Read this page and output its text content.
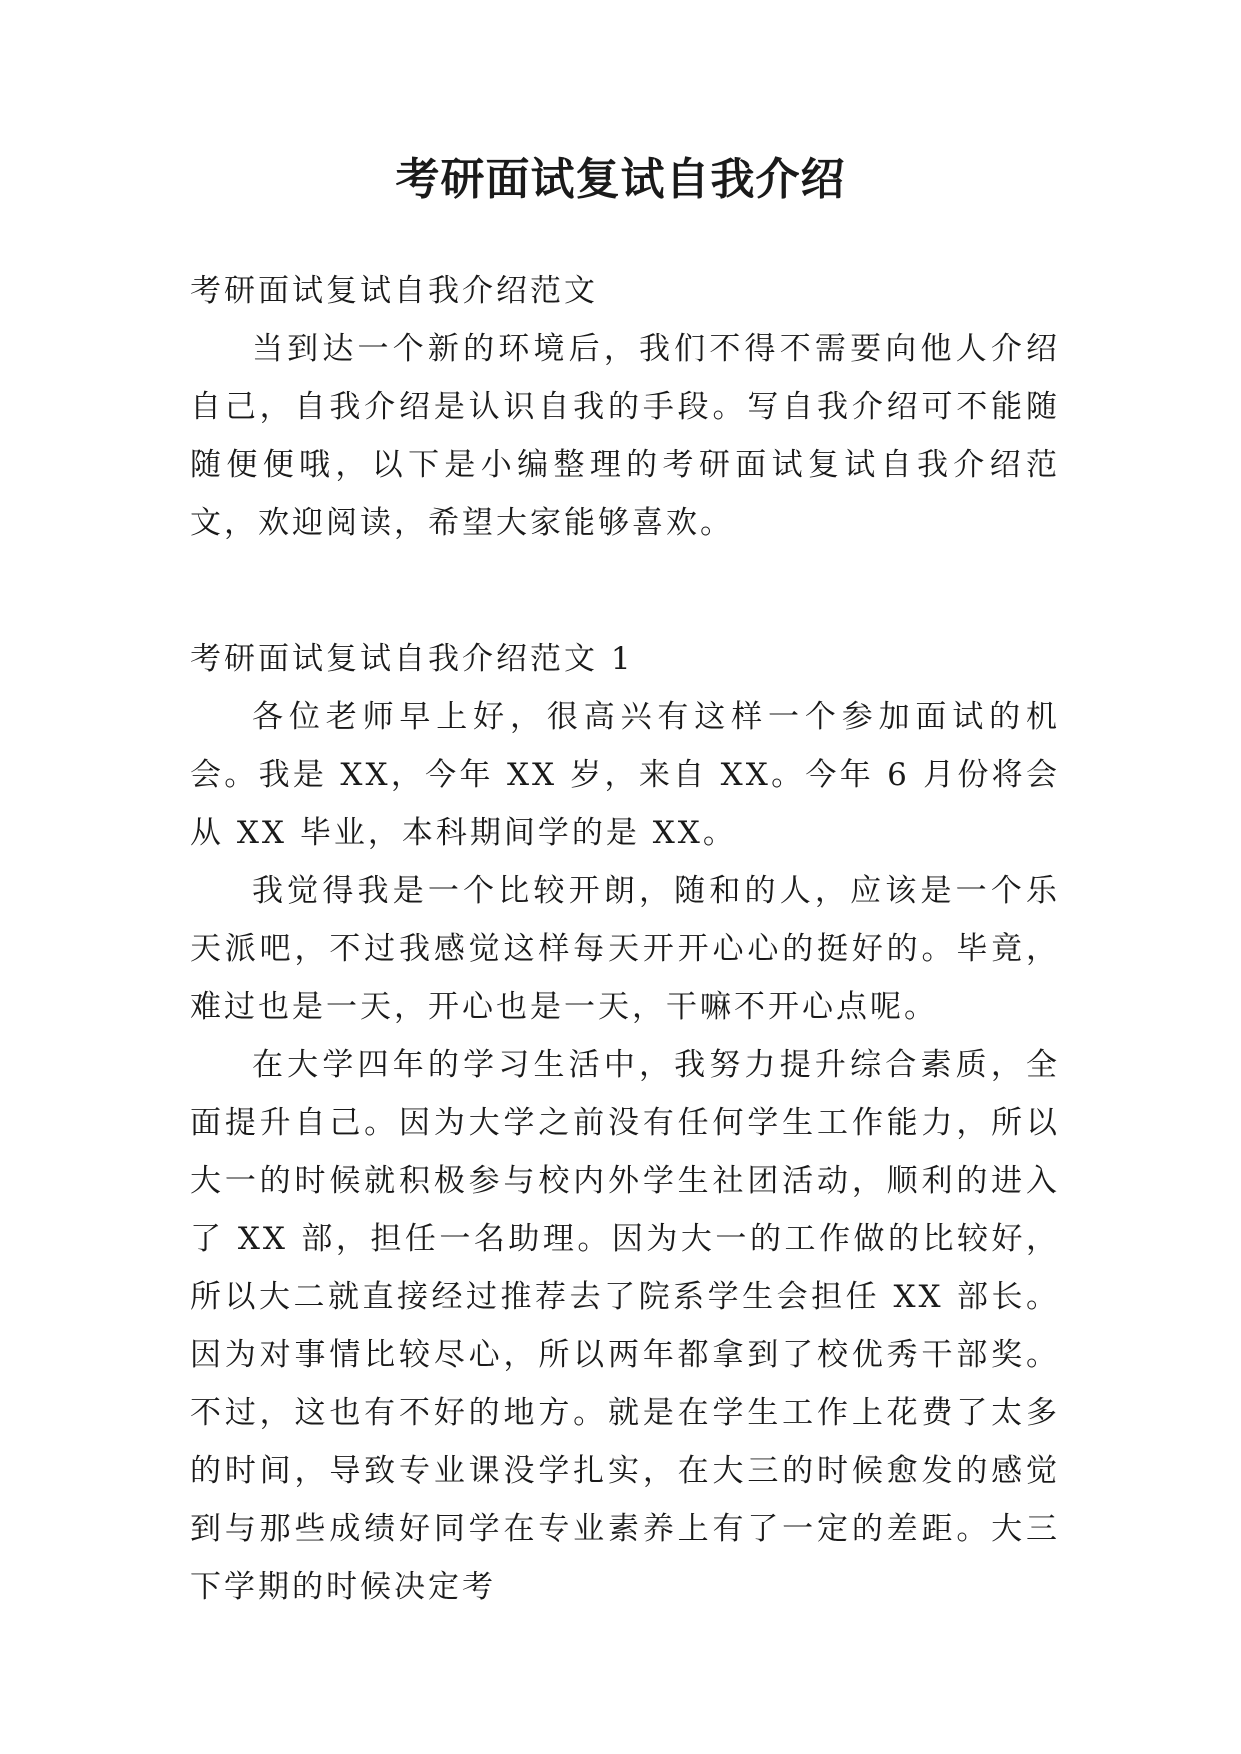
考研面试复试自我介绍
考研面试复试自我介绍范文

当到达一个新的环境后，我们不得不需要向他人介绍自己，自我介绍是认识自我的手段。写自我介绍可不能随随便便哦，以下是小编整理的考研面试复试自我介绍范文，欢迎阅读，希望大家能够喜欢。

考研面试复试自我介绍范文 1

各位老师早上好，很高兴有这样一个参加面试的机会。我是 XX，今年 XX 岁，来自 XX。今年 6 月份将会从 XX 毕业，本科期间学的是 XX。

我觉得我是一个比较开朗，随和的人，应该是一个乐天派吧，不过我感觉这样每天开开心心的挺好的。毕竟，难过也是一天，开心也是一天，干嘛不开心点呢。

在大学四年的学习生活中，我努力提升综合素质，全面提升自己。因为大学之前没有任何学生工作能力，所以大一的时候就积极参与校内外学生社团活动，顺利的进入了 XX 部，担任一名助理。因为大一的工作做的比较好，所以大二就直接经过推荐去了院系学生会担任 XX 部长。因为对事情比较尽心，所以两年都拿到了校优秀干部奖。不过，这也有不好的地方。就是在学生工作上花费了太多的时间，导致专业课没学扎实，在大三的时候愈发的感觉到与那些成绩好同学在专业素养上有了一定的差距。大三下学期的时候决定考
